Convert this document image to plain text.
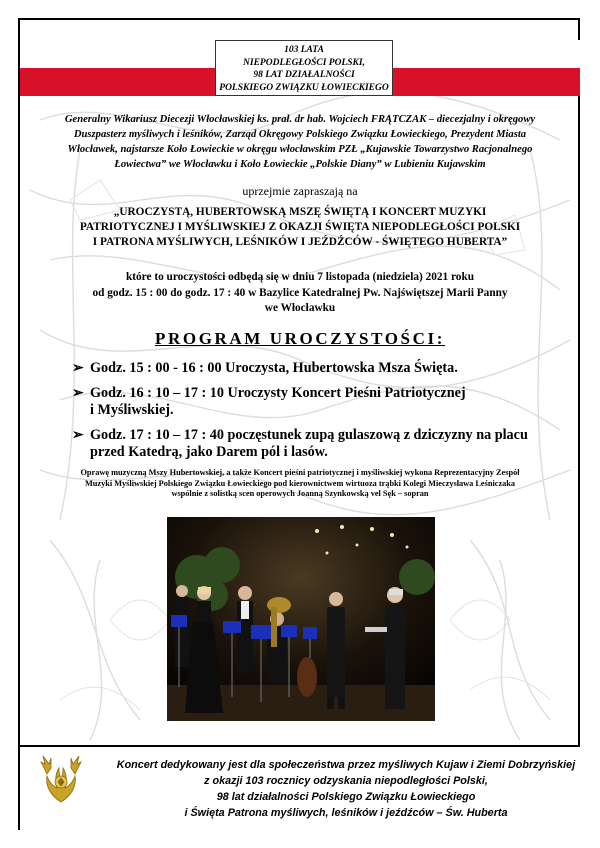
103 LATA
NIEPODLEGŁOŚCI POLSKI,
98 LAT DZIAŁALNOŚCI
POLSKIEGO ZWIĄZKU ŁOWIECKIEGO
Generalny Wikariusz Diecezji Włocławskiej ks. prał. dr hab. Wojciech FRĄTCZAK – diecezjalny i okręgowy
Duszpasterz myśliwych i leśników, Zarząd Okręgowy Polskiego Związku Łowieckiego, Prezydent Miasta
Włocławek, najstarsze Koło Łowieckie w okręgu włocławskim PZŁ „Kujawskie Towarzystwo Racjonalnego
Łowiectwa” we Włocławku i Koło Łowieckie „Polskie Diany” w Lubieniu Kujawskim
uprzejmie zapraszają na
„UROCZYSTĄ, HUBERTOWSKĄ MSZĘ ŚWIĘTĄ I KONCERT MUZYKI
PATRIOTYCZNEJ I MYŚLIWSKIEJ Z OKAZJI ŚWIĘTA NIEPODLEGŁOŚCI POLSKI
I PATRONA MYŚLIWYCH, LEŚNIKÓW I JEŹDŹCÓW - ŚWIĘTEGO HUBERTA”
które to uroczystości odbędą się w dniu 7 listopada (niedziela) 2021 roku
od godz. 15 : 00 do godz. 17 : 40 w Bazylice Katedralnej Pw. Najświętszej Marii Panny
we Włocławku
PROGRAM UROCZYSTOŚCI:
➢ Godz. 15 : 00 - 16 : 00 Uroczysta, Hubertowska Msza Święta.
➢ Godz. 16 : 10 – 17 : 10 Uroczysty Koncert Pieśni Patriotycznej
i Myśliwskiej.
➢ Godz. 17 : 10 – 17 : 40 poczęstunek zupą gulaszową z dziczyzny na placu
przed Katedrą, jako Darem pól i lasów.
Oprawę muzyczną Mszy Hubertowskiej, a także Koncert pieśni patriotycznej i myśliwskiej wykona Reprezentacyjny Zespół
Muzyki Myśliwskiej Polskiego Związku Łowieckiego pod kierownictwem wirtuoza trąbki Kolegi Mieczysława Leśniczaka
wspólnie z solistką scen operowych Joanną Szynkowską vel Sęk – sopran
Koncert dedykowany jest dla społeczeństwa przez myśliwych Kujaw i Ziemi Dobrzyńskiej
z okazji 103 rocznicy odzyskania niepodległości Polski,
98 lat działalności Polskiego Związku Łowieckiego
i Święta Patrona myśliwych, leśników i jeźdźców – Św. Huberta
